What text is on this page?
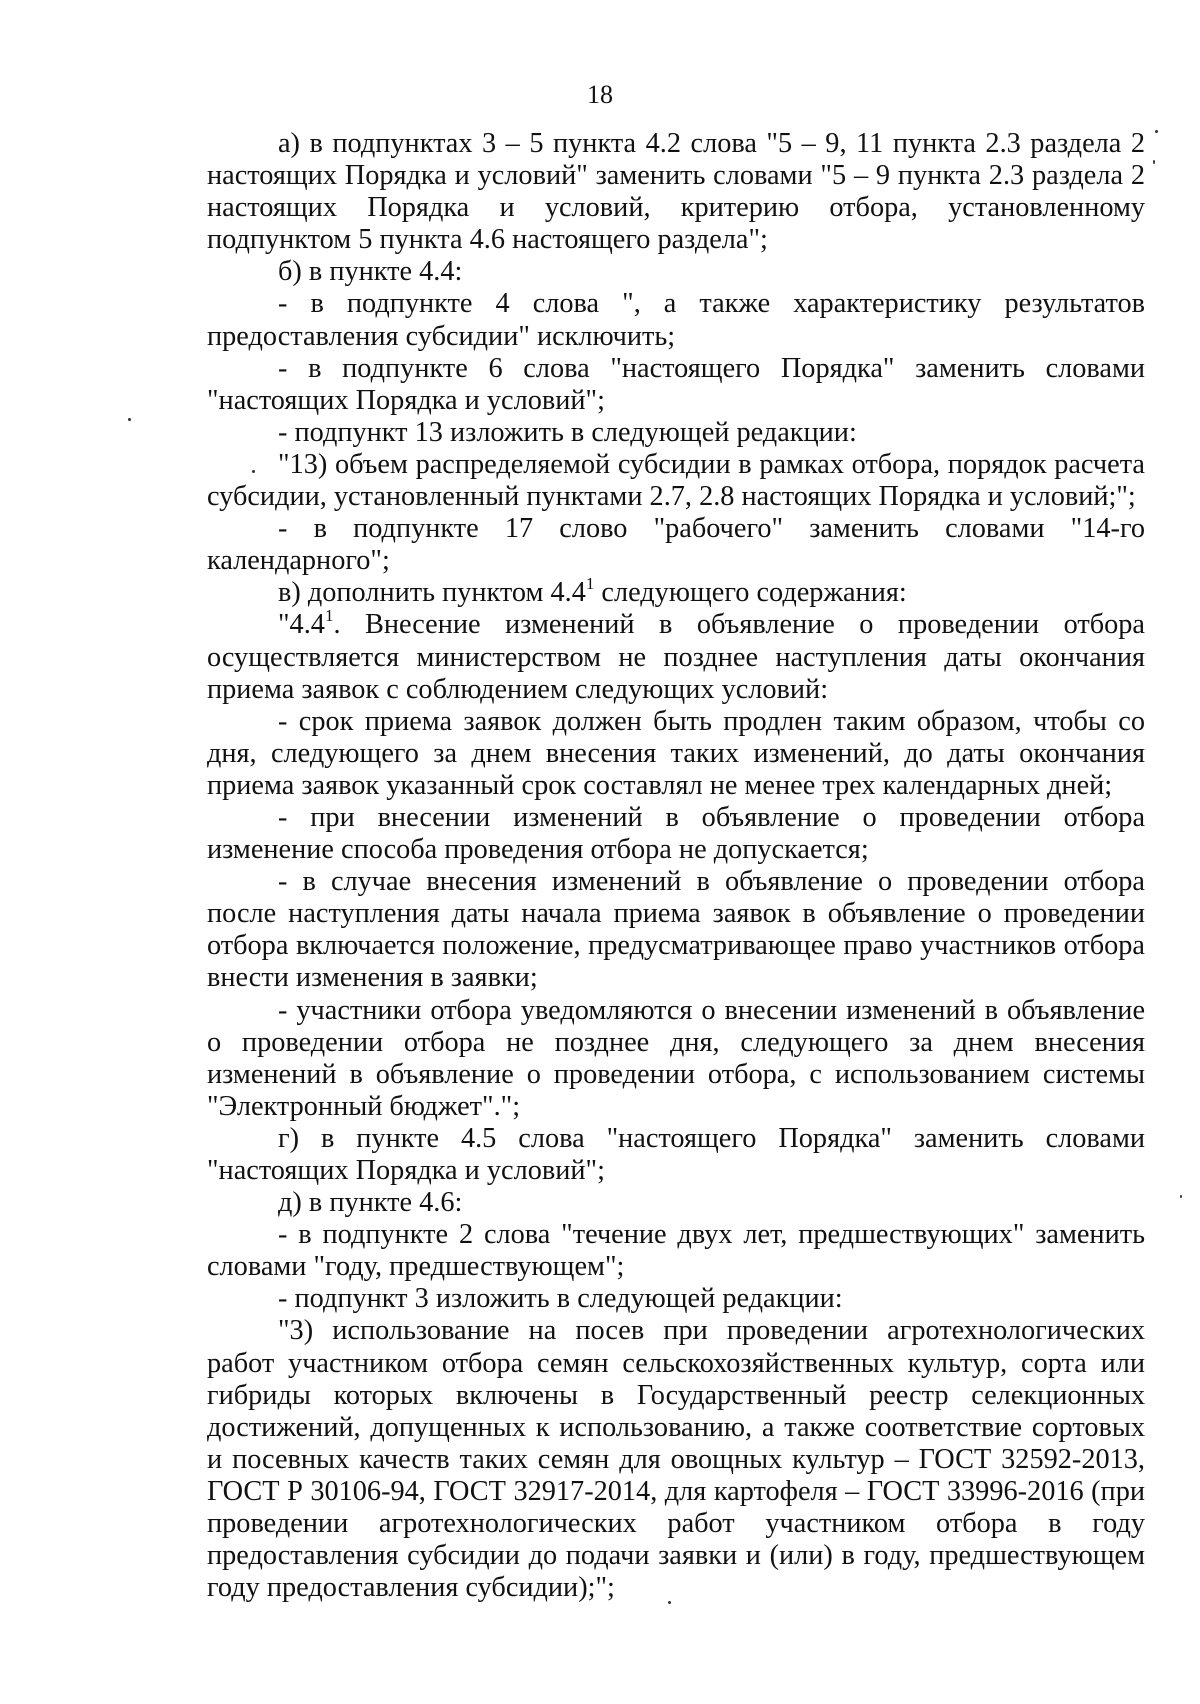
18

а) в подпунктах 3 – 5 пункта 4.2 слова "5 – 9, 11 пункта 2.3 раздела 2 настоящих Порядка и условий" заменить словами "5 – 9 пункта 2.3 раздела 2 настоящих Порядка и условий, критерию отбора, установленному подпунктом 5 пункта 4.6 настоящего раздела";

б) в пункте 4.4:

- в подпункте 4 слова ", а также характеристику результатов предоставления субсидии" исключить;

- в подпункте 6 слова "настоящего Порядка" заменить словами "настоящих Порядка и условий";

- подпункт 13 изложить в следующей редакции:

"13) объем распределяемой субсидии в рамках отбора, порядок расчета субсидии, установленный пунктами 2.7, 2.8 настоящих Порядка и условий;";

- в подпункте 17 слово "рабочего" заменить словами "14-го календарного";

в) дополнить пунктом $4.4^1$ следующего содержания:

"$4.4^1$. Внесение изменений в объявление о проведении отбора осуществляется министерством не позднее наступления даты окончания приема заявок с соблюдением следующих условий:

- срок приема заявок должен быть продлен таким образом, чтобы со дня, следующего за днем внесения таких изменений, до даты окончания приема заявок указанный срок составлял не менее трех календарных дней;

- при внесении изменений в объявление о проведении отбора изменение способа проведения отбора не допускается;

- в случае внесения изменений в объявление о проведении отбора после наступления даты начала приема заявок в объявление о проведении отбора включается положение, предусматривающее право участников отбора внести изменения в заявки;

- участники отбора уведомляются о внесении изменений в объявление о проведении отбора не позднее дня, следующего за днем внесения изменений в объявление о проведении отбора, с использованием системы "Электронный бюджет".";

г) в пункте 4.5 слова "настоящего Порядка" заменить словами "настоящих Порядка и условий";

д) в пункте 4.6:

- в подпункте 2 слова "течение двух лет, предшествующих" заменить словами "году, предшествующем";

- подпункт 3 изложить в следующей редакции:

"3) использование на посев при проведении агротехнологических работ участником отбора семян сельскохозяйственных культур, сорта или гибриды которых включены в Государственный реестр селекционных достижений, допущенных к использованию, а также соответствие сортовых и посевных качеств таких семян для овощных культур – ГОСТ 32592-2013, ГОСТ Р 30106-94, ГОСТ 32917-2014, для картофеля – ГОСТ 33996-2016 (при проведении агротехнологических работ участником отбора в году предоставления субсидии до подачи заявки и (или) в году, предшествующем году предоставления субсидии);";
